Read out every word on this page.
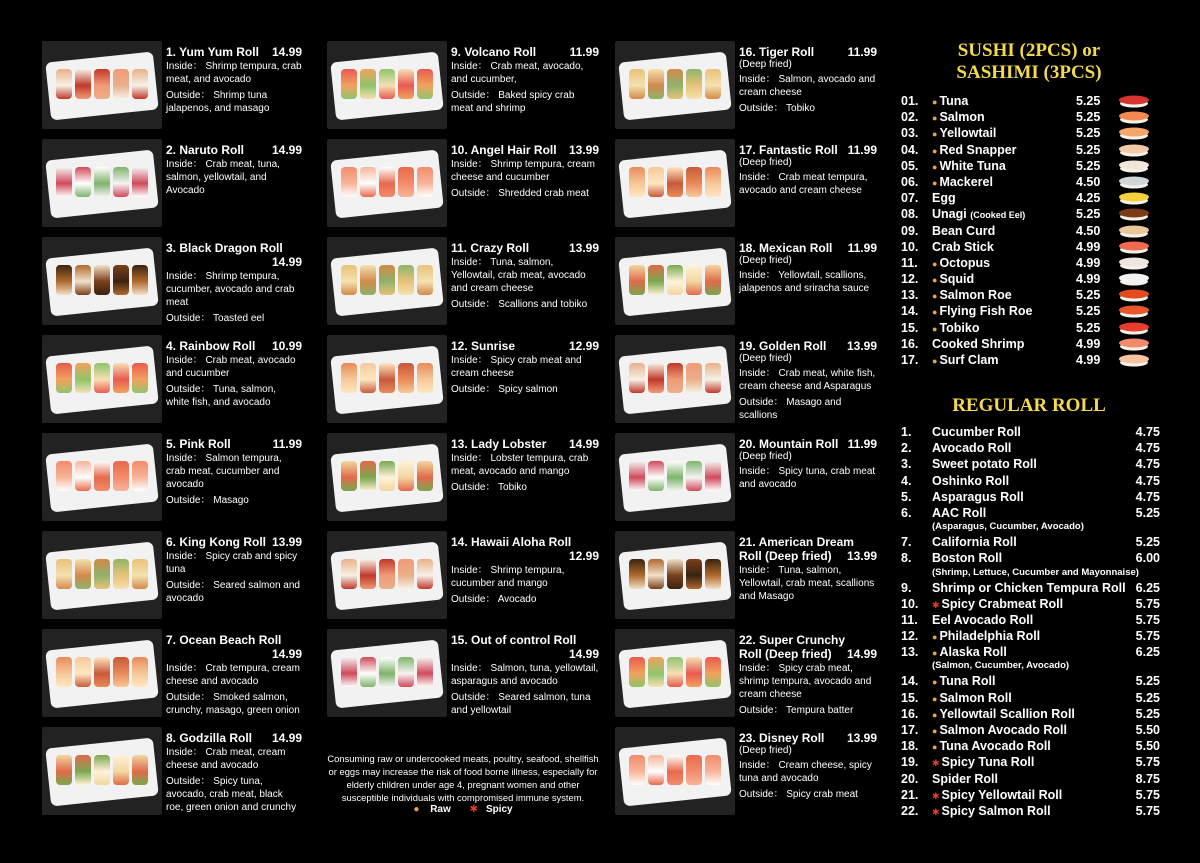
1. Yum Yum Roll	14.99
Inside： Shrimp tempura, crab meat, and avocado
Outside： Shrimp tuna jalapenos, and masago
2. Naruto Roll	14.99
Inside： Crab meat, tuna, salmon, yellowtail, and Avocado
3. Black Dragon Roll
14.99
Inside： Shrimp tempura, cucumber, avocado and crab meat
Outside： Toasted eel
4. Rainbow Roll	10.99
Inside： Crab meat, avocado and cucumber
Outside： Tuna, salmon, white fish, and avocado
5. Pink Roll	11.99
Inside： Salmon tempura, crab meat, cucumber and avocado
Outside： Masago
6. King Kong Roll 13.99
Inside： Spicy crab and spicy tuna
Outside： Seared salmon and avocado
7. Ocean Beach Roll
14.99
Inside： Crab tempura, cream cheese and avocado
Outside： Smoked salmon, crunchy, masago, green onion
8. Godzilla Roll	14.99
Inside： Crab meat, cream cheese and avocado
Outside： Spicy tuna, avocado, crab meat, black roe, green onion and crunchy
9. Volcano Roll	11.99
Inside： Crab meat, avocado, and cucumber,
Outside： Baked spicy crab meat and shrimp
10. Angel Hair Roll	13.99
Inside： Shrimp tempura, cream cheese and cucumber
Outside： Shredded crab meat
11. Crazy Roll	13.99
Inside： Tuna, salmon, Yellowtail, crab meat, avocado and cream cheese
Outside： Scallions and tobiko
12. Sunrise	12.99
Inside： Spicy crab meat and cream cheese
Outside： Spicy salmon
13. Lady Lobster	14.99
Inside： Lobster tempura, crab meat, avocado and mango
Outside： Tobiko
14. Hawaii Aloha Roll
12.99
Inside： Shrimp tempura, cucumber and mango
Outside： Avocado
15. Out of control Roll
14.99
Inside： Salmon, tuna, yellowtail, asparagus and avocado
Outside： Seared salmon, tuna and yellowtail
16. Tiger Roll	11.99
(Deep fried)
Inside： Salmon, avocado and cream cheese
Outside： Tobiko
17. Fantastic Roll 11.99
(Deep fried)
Inside： Crab meat tempura, avocado and cream cheese
18. Mexican Roll	11.99
(Deep fried)
Inside： Yellowtail, scallions, jalapenos and sriracha sauce
19. Golden Roll	13.99
(Deep fried)
Inside： Crab meat, white fish, cream cheese and Asparagus
Outside： Masago and scallions
20. Mountain Roll 11.99
(Deep fried)
Inside： Spicy tuna, crab meat and avocado
21. American Dream
Roll (Deep fried)	13.99
Inside： Tuna, salmon, Yellowtail, crab meat, scallions and Masago
22. Super Crunchy
Roll (Deep fried)	14.99
Inside： Spicy crab meat, shrimp tempura, avocado and cream cheese
Outside： Tempura batter
23. Disney Roll	13.99
(Deep fried)
Inside： Cream cheese, spicy tuna and avocado
Outside： Spicy crab meat
Consuming raw or undercooked meats, poultry, seafood, shellfish or eggs may increase the risk of food borne illness, especially for elderly children under age 4, pregnant women and other susceptible individuals with compromised immune system.
● Raw ✱ Spicy
SUSHI (2PCS) or
SASHIMI (3PCS)
01. ● Tuna	5.25
02. ● Salmon	5.25
03. ● Yellowtail	5.25
04. ● Red Snapper	5.25
05. ● White Tuna	5.25
06. ● Mackerel	4.50
07. Egg	4.25
08. Unagi (Cooked Eel)	5.25
09. Bean Curd	4.50
10. Crab Stick	4.99
11. ● Octopus	4.99
12. ● Squid	4.99
13. ● Salmon Roe	5.25
14. ● Flying Fish Roe	5.25
15. ● Tobiko	5.25
16. Cooked Shrimp	4.99
17. ● Surf Clam	4.99
REGULAR ROLL
1. Cucumber Roll	4.75
2. Avocado Roll	4.75
3. Sweet potato Roll	4.75
4. Oshinko Roll	4.75
5. Asparagus Roll	4.75
6. AAC Roll	5.25
(Asparagus, Cucumber, Avocado)
7. California Roll	5.25
8. Boston Roll	6.00
(Shrimp, Lettuce, Cucumber and Mayonnaise)
9. Shrimp or Chicken Tempura Roll 6.25
10. ✱ Spicy Crabmeat Roll	5.75
11. Eel Avocado Roll	5.75
12. ● Philadelphia Roll	5.75
13. ● Alaska Roll	6.25
(Salmon, Cucumber, Avocado)
14. ● Tuna Roll	5.25
15. ● Salmon Roll	5.25
16. ● Yellowtail Scallion Roll	5.25
17. ● Salmon Avocado Roll	5.50
18. ● Tuna Avocado Roll	5.50
19. ✱ Spicy Tuna Roll	5.75
20. Spider Roll	8.75
21. ✱ Spicy Yellowtail Roll	5.75
22. ✱ Spicy Salmon Roll	5.75
